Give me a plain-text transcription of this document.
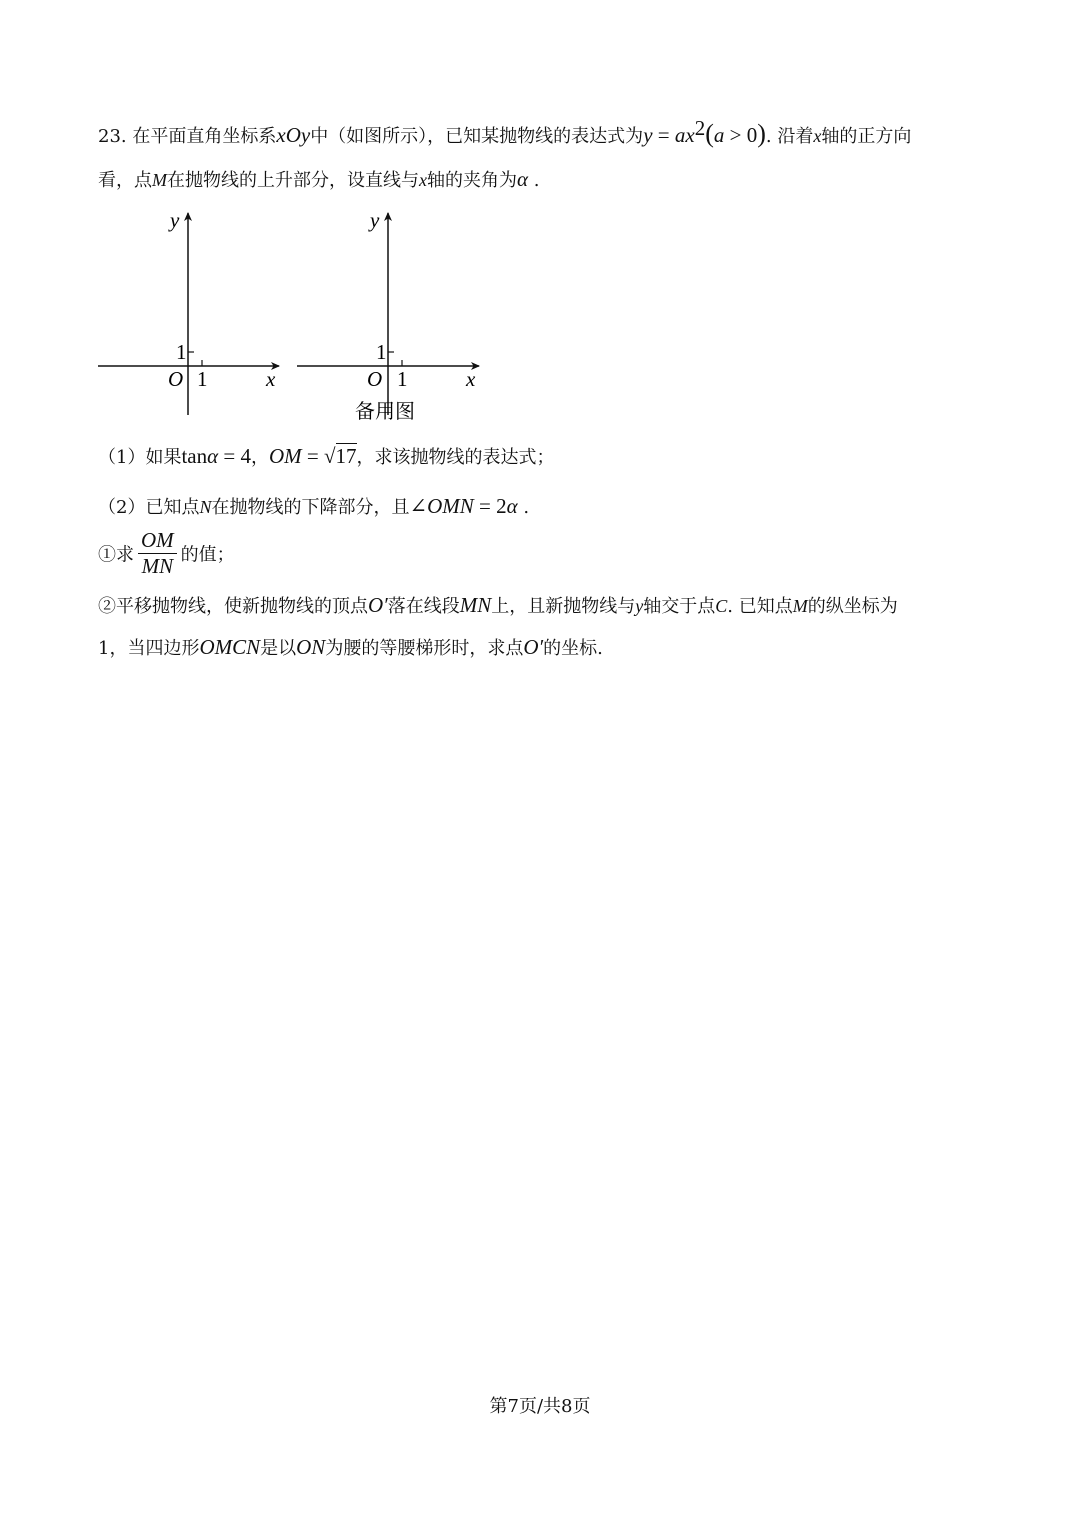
23. 在平面直角坐标系xOy中（如图所示），已知某抛物线的表达式为$y = ax^2(a > 0)$. 沿着x轴的正方向
看，点M在抛物线的上升部分，设直线与x轴的夹角为α .
y
x
O 1
1
y
x
O 1
1
备用图
（1）如果tanα = 4，OM = √17，求该抛物线的表达式；
（2）已知点N在抛物线的下降部分，且∠OMN = 2α .
①求 $\frac{OM}{MN}$ 的值；
②平移抛物线，使新抛物线的顶点O′落在线段MN上，且新抛物线与y轴交于点C. 已知点M的纵坐标为
1，当四边形OMCN是以ON为腰的等腰梯形时，求点O′的坐标.
第7页/共8页
